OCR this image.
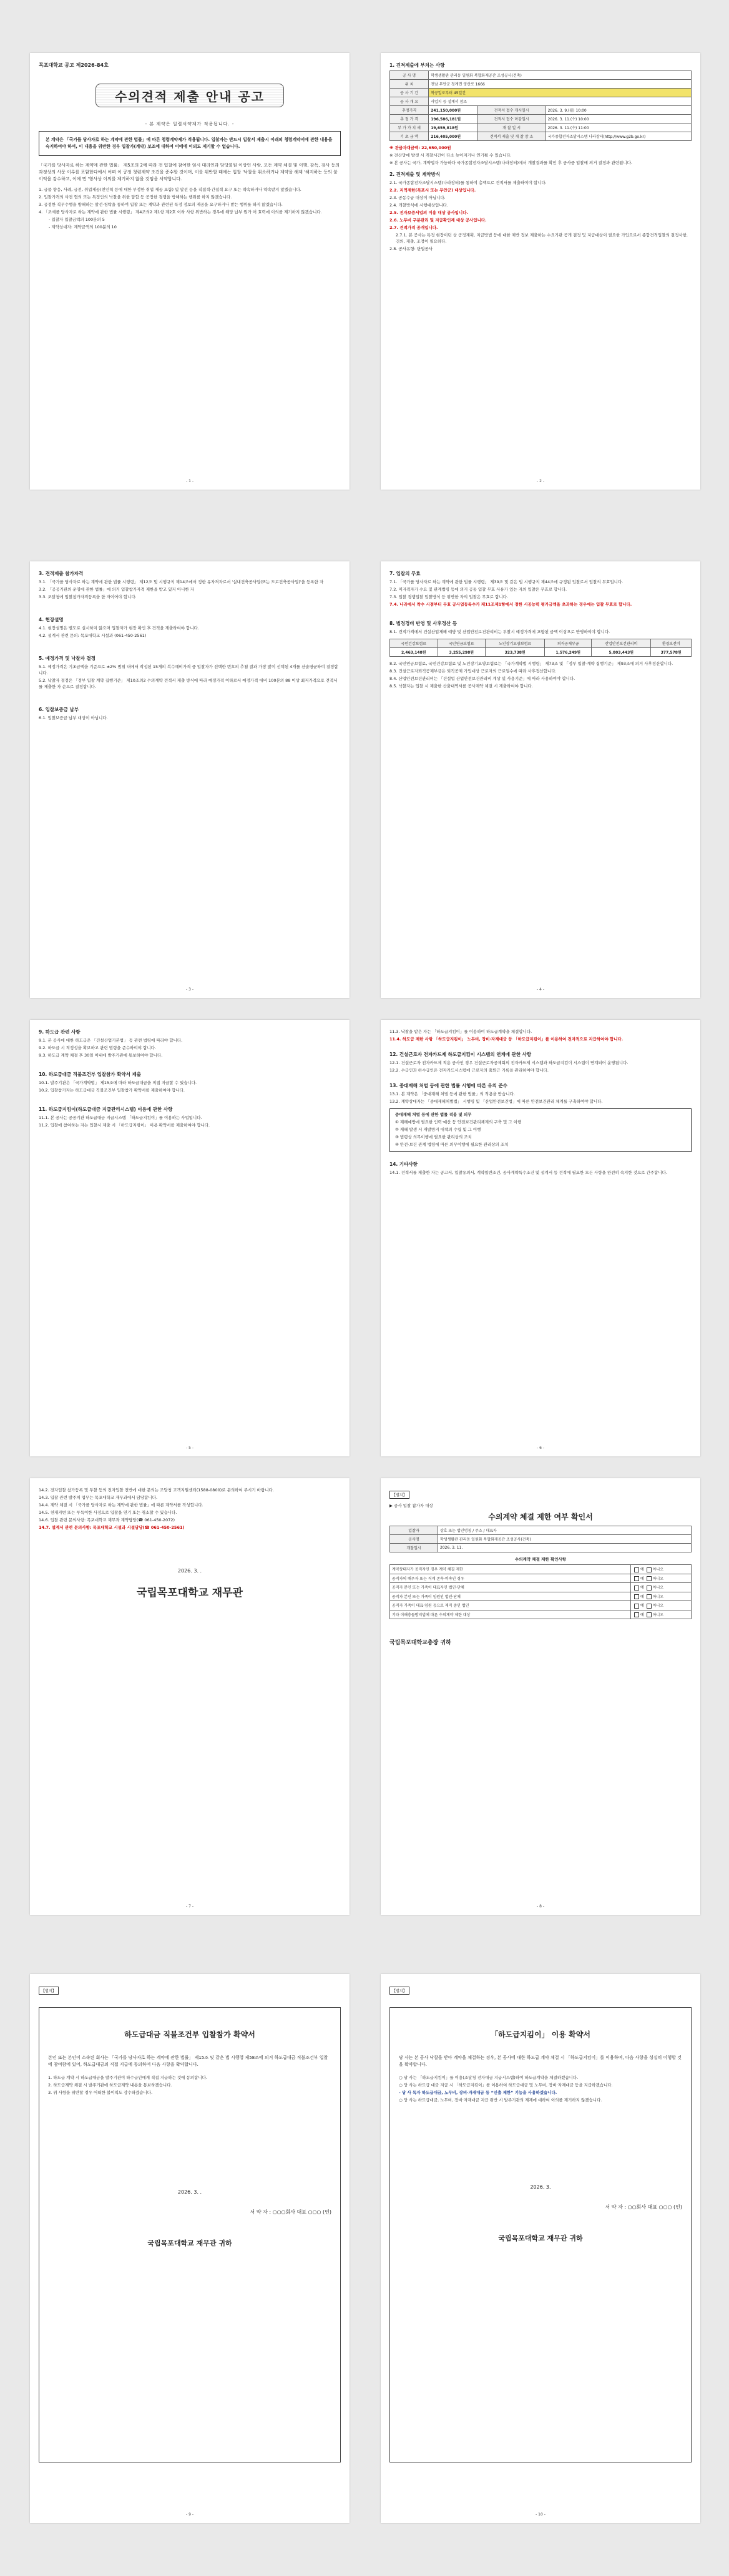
목포대학교 공고 제2026-84호
수의견적 제출 안내 공고
- 본 계약은 일렬서약제가 적용됩니다. -
본 계약은 「국가를 당사자로 하는 계약에 관한 법률」에 따른 청렴계약제가 적용됩니다. 입찰자는 반드시 입찰서 제출시 이래의 청렴계약서에 관한 내용을 숙지하여야 하며, 이 내용을 위반한 경우 입찰가(계약) 보조에 대하여 이에에 이의도 제기할 수 없습니다.
「국가를 당사자로 하는 계약에 관한 법률」 제5조의 2에 따라 전 입찰에 참여한 임시 대리인과 담당회원 이상인 사람, 모든 계약 체결 및 이행, 감독, 검사 등의 과정상의 사문 이루를 포함한다에서 어떠 이 공정 청렴계약 조건을 준수할 것이며, 이를 위반할 때에는 입찰 '낙찰을 취소하거나 계약을 해제 '해지하는 등의 불이익을 감수하고, 이에 민 '형사상 이의를 제기하지 않을 것임을 서약합니다.
1. 금품 향응, 사례, 금전, 취업제공(친인척 등에 대한 부정한 취업 제공 포함) 및 알선 등을 직접적·간접적 요구 또는 약속하거나 약속받지 않겠습니다.
2. 입찰가격의 사전 협의 또는 특정인의 낙찰을 위한 담합 등 공정한 경쟁을 방해하는 행위를 하지 않겠습니다.
3. 공정한 직무수행을 방해하는 알선·청탁을 통하여 입찰 또는 계약과 관련된 특정 정보의 제공을 요구하거나 받는 행위를 하지 않겠습니다.
4. 「조세를 당사자로 하는 계약에 관한 법률 시행령」 제4조의2 제1항 제2호 이하 사항 위반하는 경우에 해당 납부 원가 어 효력에 이의를 제기하지 않겠습니다.
- 입찰자 입찰금액의 100분의 5
- 계약상대자: 계약금액의 100분의 10
- 1 -
1. 견적제출에 부치는 사항
공 사 명	학생생활관 관리동 일원화 복합화재공간 조성공사(건축)		
위 치	전남 무안군 청계면 영산로 1666		
공 사 기 간	착공일로부터 45일간		
공 사 개 요	사업지 등 설계서 참조		
추정가격	241,150,000원	견적서 접수 개시일시	2026. 3. 9.(월) 10:00
추 정 가 격	196,586,181원	견적서 접수 마감일시	2026. 3. 11.(수) 10:00
부 가 가 치 세	19,659,818원	개 찰 일 시	2026. 3. 11.(수) 11:00
기 초 금 액	216,405,000원	견적서 제출 및 개 찰 장 소	국가종합전자조달시스템 나라장터(http://www.g2b.go.kr)
※ 관급자재금액: 22,650,000원
※ 전산망에 발생 시 개찰시간이 다소 늦어지거나 연기될 수 있습니다.
※ 본 공사는 국가, 계약업자 가능하다 국가종합전자조달시스템(나라장터)에서 개찰결과를 확인 후 공사중 입찰에 의거 결정과 관련됩니다.
2. 견적제출 및 계약방식
2.1. 국가종합전자조달시스템(나라장터)를 통하여 총액으로 견적서를 제출하여야 합니다.
2.2. 지역제한(목포시 또는 무안군) 대상입니다.
2.3. 공동수급 대상이 아닙니다.
2.4. 개찰방식에 시행대상입니다.
2.5. 전자보증서업의 이용 대상 공사입니다.
2.6. 노무비 구분관리 및 지급확인제 대상 공사입니다.
2.7. 견적가격 공개입니다.
2.7.1. 본 공사는 특정 현장이던 상 공정계획, 지급방법 등에 대한 제반 정보 제출하는 수요기관 공개 결정 및 지급대상이 필요한 가입으로서 종합견적입찰의 결정사항, 건의, 제출, 조정이 필요하다.
2.8. 공사유형: 단일공사
- 2 -
3. 견적제출 참가자격
3.1. 「국가를 당사자로 하는 계약에 관한 법률 시행령」 제12조 및 시행규칙 제14조에서 정한 유자격자로서 '실내건축공사업(또는 도로건축공사업)'을 등록한 자
3.2. 「공공기관의 운영에 관한 법률」에 의거 입찰참가자격 제한을 받고 있지 아니한 자
3.3. 조달청에 입찰참가자격등록을 한 자이어야 합니다.
4. 현장설명
4.1. 현장설명은 별도로 실시하지 않으며 입찰자가 현장 확인 후 견적을 제출하여야 합니다.
4.2. 설계서 관련 문의: 목포대학교 시설과 (061-450-2561)
5. 예정가격 및 낙찰자 결정
5.1. 예정가격은 기초금액을 기준으로 ±2% 범위 내에서 작성된 15개의 복수예비가격 중 입찰자가 선택한 번호의 추첨 결과 가장 많이 선택된 4개를 산술평균하여 결정합니다.
5.2. 낙찰자 결정은 「정부 입찰 계약 집행기준」 제10조의2 수의계약 견적서 제출 방식에 따라 예정가격 이하로서 예정가격 대비 100분의 88 이상 최저가격으로 견적서를 제출한 자 순으로 결정합니다.
6. 입찰보증금 납부
6.1. 입찰보증금 납부 대상이 아닙니다.
- 3 -
7. 입찰의 무효
7.1. 「국가를 당사자로 하는 계약에 관한 법률 시행령」 제39조 및 같은 법 시행규칙 제44조에 규정된 입찰로서 입찰의 무효입니다.
7.2. 미자격자가 수요 및 관계법령 등에 의거 공동 입찰 무효 사유가 있는 자의 입찰은 무효로 합니다.
7.3. 입찰 경쟁입찰 입찰방식 등 위반한 자의 입찰은 무효로 합니다.
7.4. 나라에서 착수 시점부터 무효 공사업등록수가 제11조제1항에서 정한 시공능력 평가금액을 초과하는 경우에는 입찰 무효로 합니다.
8. 법정경비 반영 및 사후정산 등
8.1. 견적가격에서 건설산업재해 예방 및 산업안전보건관리비는 투찰시 예정가격에 포함된 금액 이상으로 반영하여야 합니다.
국민건강보험료	국민연금보험료	노인장기요양보험료	퇴직공제부금	산업안전보건관리비	환경보전비
2,463,148원	3,255,298원	323,738원	1,576,249원	5,803,443원	377,578원
8.2. 국민연금보험료, 국민건강보험료 및 노인장기요양보험료는 「국가계약법 시행령」 제73조 및 「정부 입찰·계약 집행기준」 제93조에 의거 사후정산합니다.
8.3. 건설근로자퇴직공제부금은 퇴직공제 가입대상 근로자의 근로일수에 따라 사후정산합니다.
8.4. 산업안전보건관리비는 「건설업 산업안전보건관리비 계상 및 사용기준」에 따라 사용하여야 합니다.
8.5. 낙찰자는 입찰 시 제출한 산출내역서를 공사계약 체결 시 제출하여야 합니다.
- 4 -
9. 하도급 관련 사항
9.1. 본 공사에 대한 하도급은 「건설산업기본법」 등 관련 법령에 따라야 합니다.
9.2. 하도급 시 적정성을 확보하고 관련 법령을 준수하여야 합니다.
9.3. 하도급 계약 체결 후 30일 이내에 발주기관에 통보하여야 합니다.
10. 하도급대금 직불조건부 입찰참가 확약서 제출
10.1. 발주기관은 「국가계약법」 제15조에 따라 하도급대금을 직접 지급할 수 있습니다.
10.2. 입찰참가자는 하도급대금 직불조건부 입찰참가 확약서를 제출하여야 합니다.
11. 하도급지킴이(하도급대금 지급관리시스템) 이용에 관한 사항
11.1. 본 공사는 공공기관 하도급대금 지급시스템 「하도급지킴이」를 이용하는 사업입니다.
11.2. 입찰에 참여하는 자는 입찰시 제출 시 「하도급지킴이」 이용 확약서를 제출하여야 합니다.
- 5 -
11.3. 낙찰을 받은 자는 「하도급지킴이」를 이용하여 하도급계약을 체결합니다.
11.4. 하도급 제한 사항 「하도급지킴이」 노무비, 장비·자재대금 등 「하도급지킴이」를 이용하여 전자적으로 지급하여야 합니다.
12. 건설근로자 전자카드제 하도급지킴이 시스템의 연계에 관한 사항
12.1. 건설근로자 전자카드제 적용 공사인 경우 건설근로자공제회의 전자카드제 시스템과 하도급지킴이 시스템이 연계되어 운영됩니다.
12.2. 수급인과 하수급인은 전자카드시스템에 근로자의 출퇴근 기록을 관리하여야 합니다.
13. 중대재해 처벌 등에 관한 법률 시행에 따른 유의 준수
13.1. 본 계약은 「중대재해 처벌 등에 관한 법률」의 적용을 받습니다.
13.2. 계약상대자는 「중대재해처벌법」 시행령 및 「산업안전보건법」에 따른 안전보건관리 체계를 구축하여야 합니다.
중대재해 처벌 등에 관한 법률 적용 및 의무
① 재해예방에 필요한 인력·예산 등 안전보건관리체계의 구축 및 그 이행
② 재해 발생 시 재발방지 대책의 수립 및 그 이행
③ 법령상 의무이행에 필요한 관리상의 조치
④ 안전·보건 관계 법령에 따른 의무이행에 필요한 관리상의 조치
14. 기타사항
14.1. 견적서를 제출한 자는 공고서, 입찰유의서, 계약일반조건, 공사계약특수조건 및 설계서 등 견적에 필요한 모든 사항을 완전히 숙지한 것으로 간주합니다.
- 6 -
14.2. 전자입찰 참가등록 및 투찰 등의 전자입찰 전반에 대한 문의는 조달청 고객지원센터(1588-0800)로 문의하여 주시기 바랍니다.
14.3. 입찰 관련 발주처 업무는 목포대학교 재무과에서 담당합니다.
14.4. 계약 체결 시 「국가를 당사자로 하는 계약에 관한 법률」에 따른 계약서를 작성합니다.
14.5. 천재지변 또는 부득이한 사정으로 입찰을 연기 또는 취소할 수 있습니다.
14.6. 입찰 관련 문의사항: 목포대학교 재무과 계약담당(☎ 061-450-2072)
14.7. 설계서 관련 문의사항: 목포대학교 시설과 시설담당(☎ 061-450-2561)
2026. 3. .
국립목포대학교 재무관
- 7 -
【별지】
▶ 공사 입찰 참가자 대상
수의계약 체결 제한 여부 확인서
입찰자	상호 또는 법인명칭 / 주소 / 대표자
공사명	학생생활관 관리동 일원화 복합화재공간 조성공사(건축)
개찰일시	2026. 3. 11.
수의계약 체결 제한 확인사항
계약상대자가 공직자인 경우 계약 체결 제한	예 아니오
공직자의 배우자 또는 직계 존속·비속인 경우	예 아니오
공직자 본인 또는 가족이 대표자인 법인·단체	예 아니오
공직자 본인 또는 가족이 임원인 법인·단체	예 아니오
공직자 가족이 대표·임원 등으로 재직 중인 법인	예 아니오
기타 이해충돌방지법에 따른 수의계약 제한 대상	예 아니오
국립목포대학교총장 귀하
- 8 -
【별지】
하도급대금 직불조건부 입찰참가 확약서
본인 또는 본인이 소속된 회사는 「국가를 당사자로 하는 계약에 관한 법률」 제15조 및 같은 법 시행령 제58조에 의거 하도급대금 직불조건부 입찰에 참여함에 있어, 하도급대금의 직접 지급에 동의하며 다음 사항을 확약합니다.
1. 하도급 계약 시 하도급대금을 발주기관이 하수급인에게 직접 지급하는 것에 동의합니다.
2. 하도급계약 체결 시 발주기관에 하도급계약 내용을 통보하겠습니다.
3. 위 사항을 위반할 경우 어떠한 불이익도 감수하겠습니다.
2026. 3. .
서 약 자 : ○○○회사 대표 ○○○ (인)
국립목포대학교 재무관 귀하
- 9 -
【별지】
「하도급지킴이」 이용 확약서
당 사는 본 공사 낙찰을 받아 계약을 체결하는 경우, 본 공사에 대한 하도급 계약 체결 시 「하도급지킴이」를 이용하며, 다음 사항을 성실히 이행할 것을 확약합니다.
○ 당 사는 「하도급지킴이」를 이용(조달청 전자대금 지급시스템)하여 하도급계약을 체결하겠습니다.
○ 당 사는 하도급 대금 지급 시 「하도급지킴이」를 이용하여 하도급대금 및 노무비, 장비·자재대금 등을 지급하겠습니다.
- 당 사 독자 하도급대금, 노무비, 장비·자재대금 등 “인출 제한” 기능을 사용하겠습니다.
○ 당 사는 하도급대금, 노무비, 장비·자재대금 지급 위반 시 발주기관의 제재에 대하여 이의를 제기하지 않겠습니다.
2026. 3.
서 약 자 : ○○회사 대표 ○○○ (인)
국립목포대학교 재무관 귀하
- 10 -
